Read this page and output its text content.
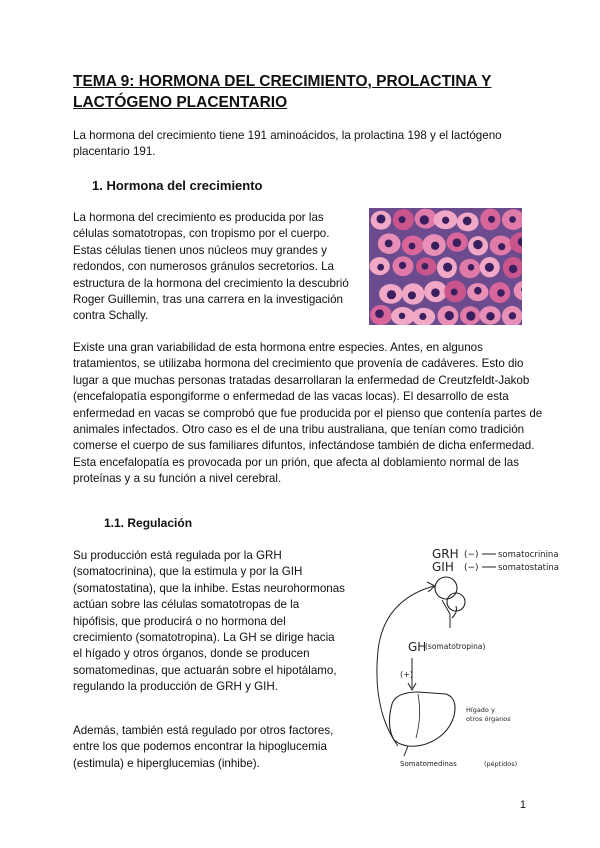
TEMA 9: HORMONA DEL CRECIMIENTO, PROLACTINA Y LACTÓGENO PLACENTARIO
La hormona del crecimiento tiene 191 aminoácidos, la prolactina 198 y el lactógeno placentario 191.
1. Hormona del crecimiento
La hormona del crecimiento es producida por las células somatotropas, con tropismo por el cuerpo. Estas células tienen unos núcleos muy grandes y redondos, con numerosos gránulos secretorios. La estructura de la hormona del crecimiento la descubrió Roger Guillemin, tras una carrera en la investigación contra Schally.
Existe una gran variabilidad de esta hormona entre especies. Antes, en algunos tratamientos, se utilizaba hormona del crecimiento que provenía de cadáveres. Esto dio lugar a que muchas personas tratadas desarrollaran la enfermedad de Creutzfeldt-Jakob (encefalopatía espongiforme o enfermedad de las vacas locas). El desarrollo de esta enfermedad en vacas se comprobó que fue producida por el pienso que contenía partes de animales infectados. Otro caso es el de una tribu australiana, que tenían como tradición comerse el cuerpo de sus familiares difuntos, infectándose también de dicha enfermedad. Esta encefalopatía es provocada por un prión, que afecta al doblamiento normal de las proteínas y a su función a nivel cerebral.
1.1. Regulación
Su producción está regulada por la GRH (somatocrinina), que la estimula y por la GIH (somatostatina), que la inhibe. Estas neurohormonas actúan sobre las células somatotropas de la hipófisis, que producirá o no hormona del crecimiento (somatotropina). La GH se dirige hacia el hígado y otros órganos, donde se producen somatomedinas, que actuarán sobre el hipotálamo, regulando la producción de GRH y GIH.
Además, también está regulado por otros factores, entre los que podemos encontrar la hipoglucemia (estimula) e hiperglucemias (inhibe).
GRH (−) somatocrinina
GIH (−) somatostatina
GH
(somatotropina)
(+)
Hígado y
otros órganos
Somatomedinas	(péptidos)
1
